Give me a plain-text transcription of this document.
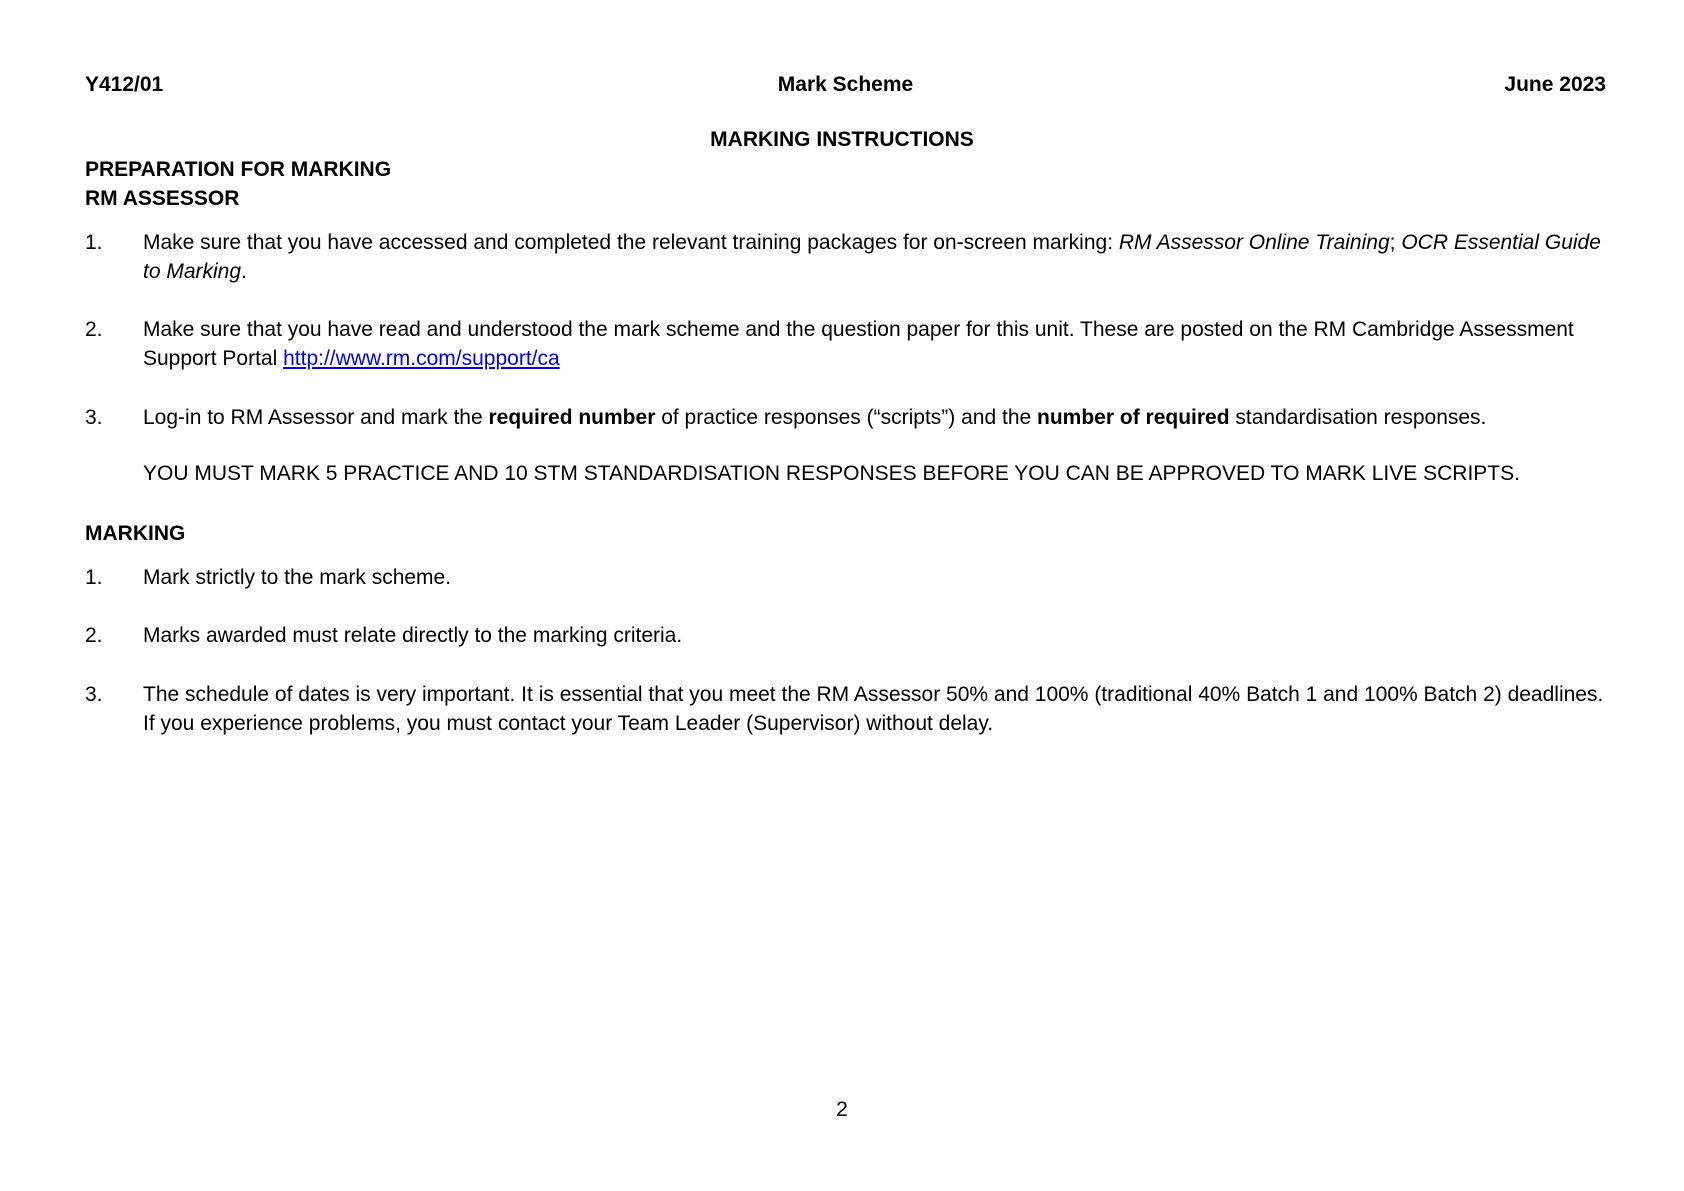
Y412/01	Mark Scheme	June 2023
MARKING INSTRUCTIONS
PREPARATION FOR MARKING
RM ASSESSOR
1. Make sure that you have accessed and completed the relevant training packages for on-screen marking: RM Assessor Online Training; OCR Essential Guide to Marking.
2. Make sure that you have read and understood the mark scheme and the question paper for this unit. These are posted on the RM Cambridge Assessment Support Portal http://www.rm.com/support/ca
3. Log-in to RM Assessor and mark the required number of practice responses (“scripts”) and the number of required standardisation responses.
YOU MUST MARK 5 PRACTICE AND 10 STM STANDARDISATION RESPONSES BEFORE YOU CAN BE APPROVED TO MARK LIVE SCRIPTS.
MARKING
1. Mark strictly to the mark scheme.
2. Marks awarded must relate directly to the marking criteria.
3. The schedule of dates is very important. It is essential that you meet the RM Assessor 50% and 100% (traditional 40% Batch 1 and 100% Batch 2) deadlines. If you experience problems, you must contact your Team Leader (Supervisor) without delay.
2
